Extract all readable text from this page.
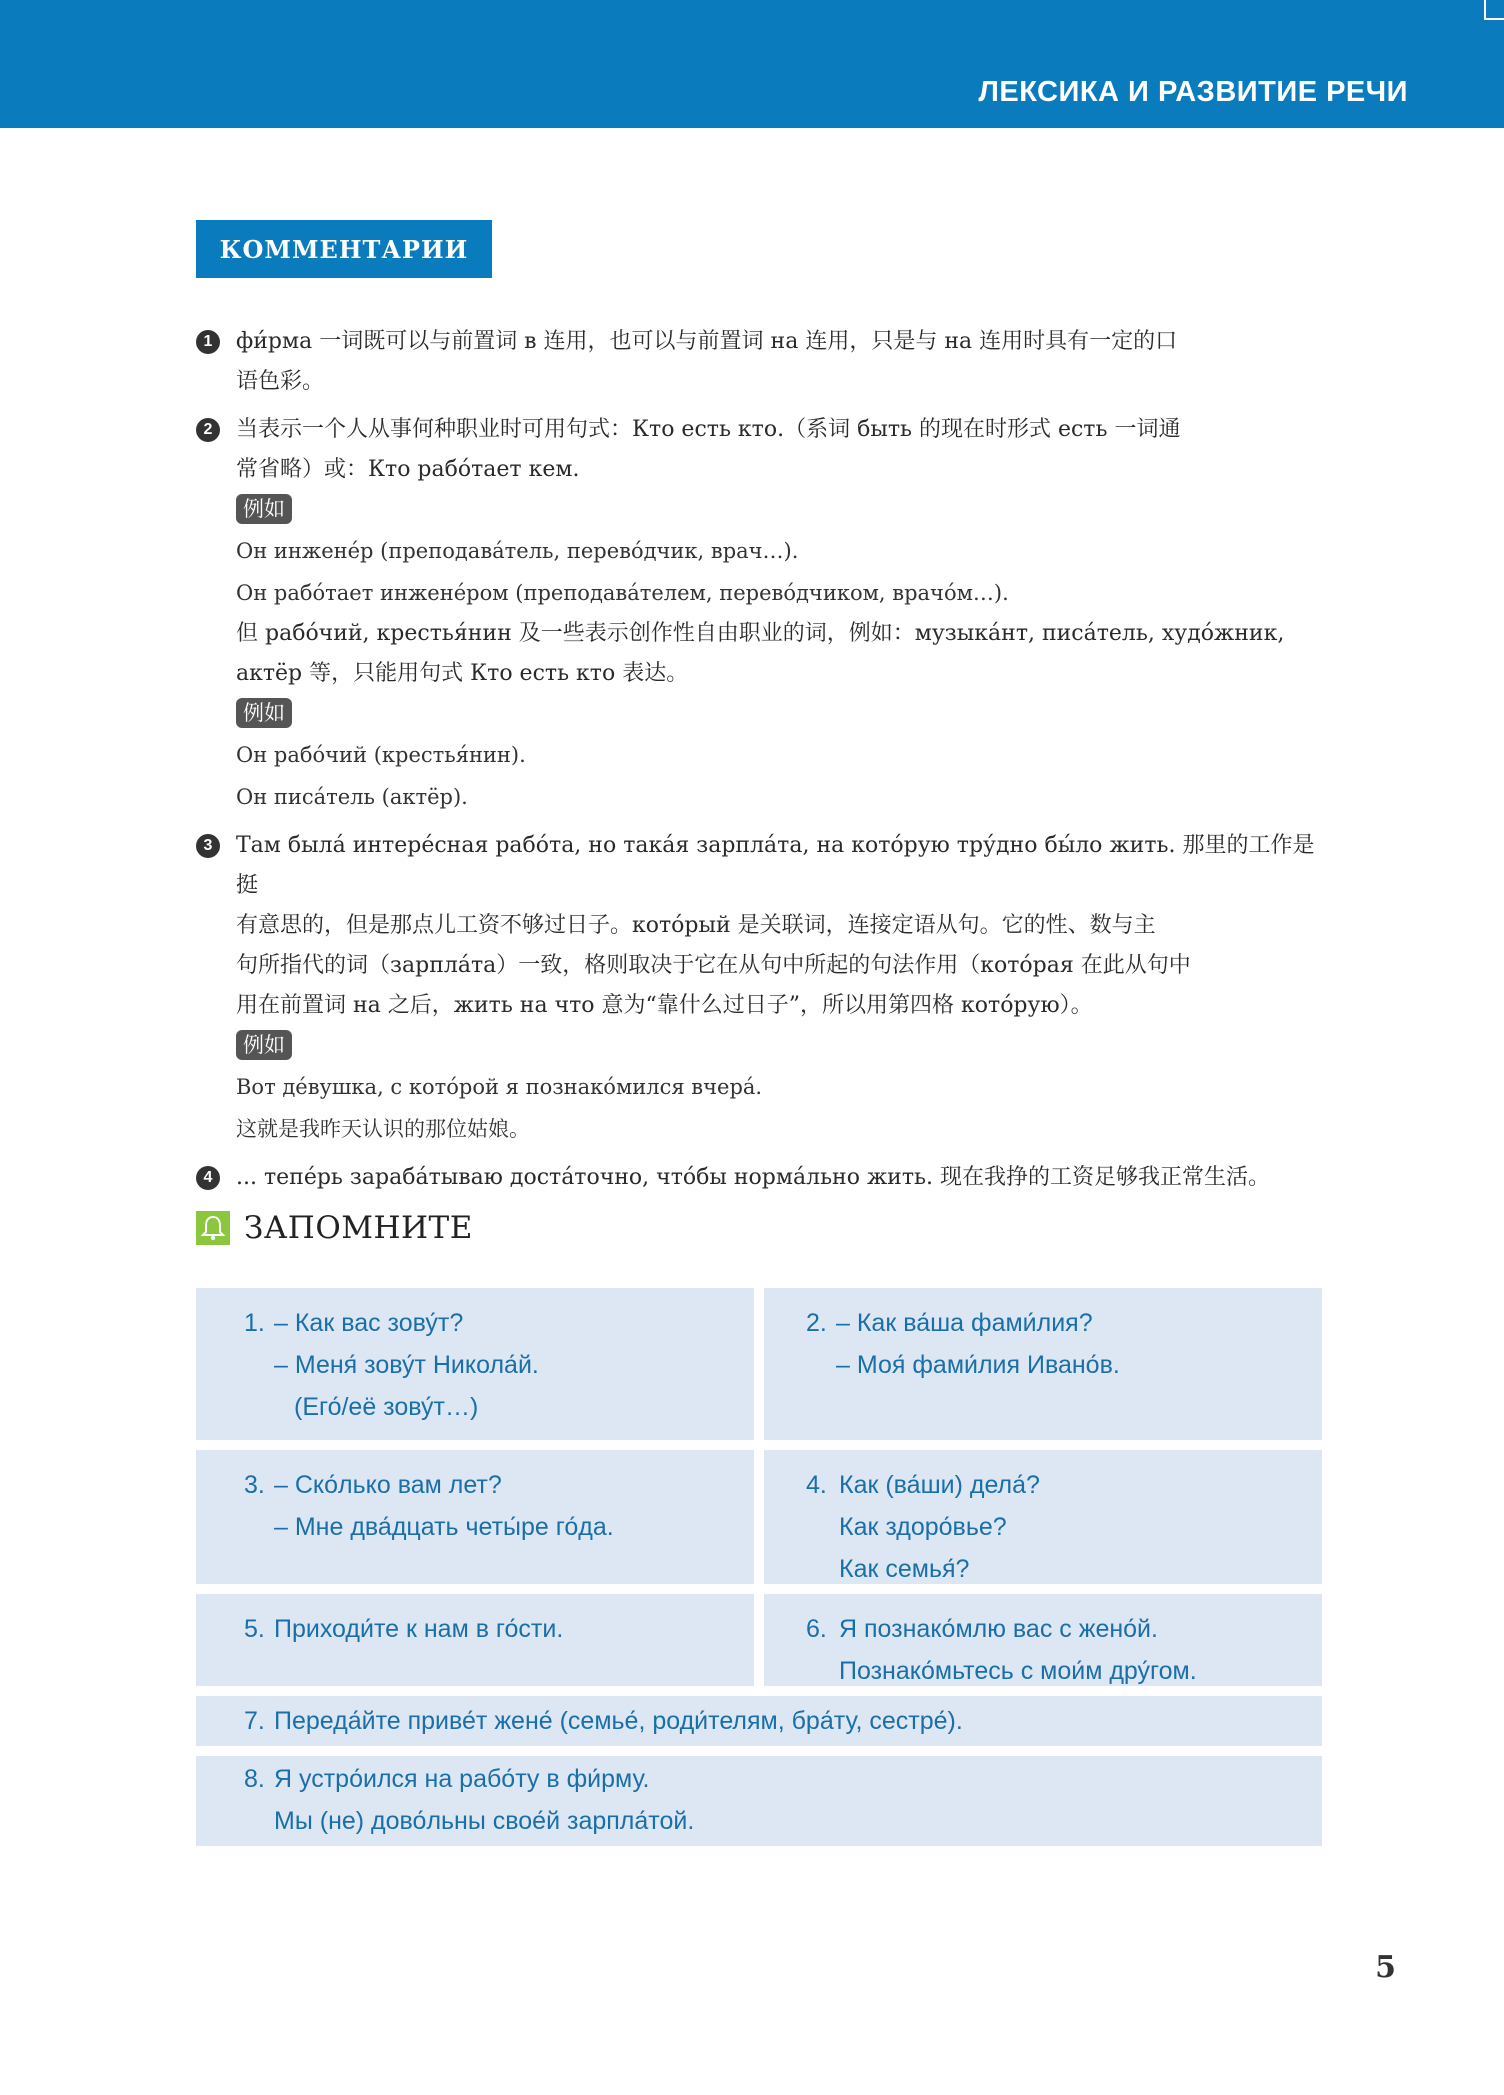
ЛЕКСИКА И РАЗВИТИЕ РЕЧИ
КОММЕНТАРИИ
1	фи́рма 一词既可以与前置词 в 连用，也可以与前置词 на 连用，只是与 на 连用时具有一定的口
语色彩。
2	当表示一个人从事何种职业时可用句式：Кто есть кто.（系词 быть 的现在时形式 есть 一词通
常省略）或：Кто рабо́тает кем.
例如
Он инжене́р (преподава́тель, перево́дчик, врач…).
Он рабо́тает инжене́ром (преподава́телем, перево́дчиком, врачо́м…).
但 рабо́чий, крестья́нин 及一些表示创作性自由职业的词，例如：музыка́нт, писа́тель, худо́жник,
актёр 等，只能用句式 Кто есть кто 表达。
例如
Он рабо́чий (крестья́нин).
Он писа́тель (актёр).
3	Там была́ интере́сная рабо́та, но така́я зарпла́та, на кото́рую тру́дно бы́ло жить. 那里的工作是挺
有意思的，但是那点儿工资不够过日子。кото́рый 是关联词，连接定语从句。它的性、数与主
句所指代的词（зарпла́та）一致，格则取决于它在从句中所起的句法作用（кото́рая 在此从句中
用在前置词 на 之后，жить на что 意为“靠什么过日子”，所以用第四格 кото́рую）。
例如
Вот де́вушка, с кото́рой я познако́мился вчера́.
这就是我昨天认识的那位姑娘。
4	... тепе́рь зараба́тываю доста́точно, что́бы норма́льно жить. 现在我挣的工资足够我正常生活。
ЗАПОМНИТЕ
1. – Как вас зову́т?
– Меня́ зову́т Никола́й.
(Его́/её зову́т…)
2. – Как ва́ша фами́лия?
– Моя́ фами́лия Ивано́в.
3. – Ско́лько вам лет?
– Мне два́дцать четы́ре го́да.
4. Как (ва́ши) дела́?
Как здоро́вье?
Как семья́?
5. Приходи́те к нам в го́сти.	6. Я познако́млю вас с жено́й.
Познако́мьтесь с мои́м дру́гом.
7. Переда́йте приве́т жене́ (семье́, роди́телям, бра́ту, сестре́).
8. Я устро́ился на рабо́ту в фи́рму.
Мы (не) дово́льны свое́й зарпла́той.
5
